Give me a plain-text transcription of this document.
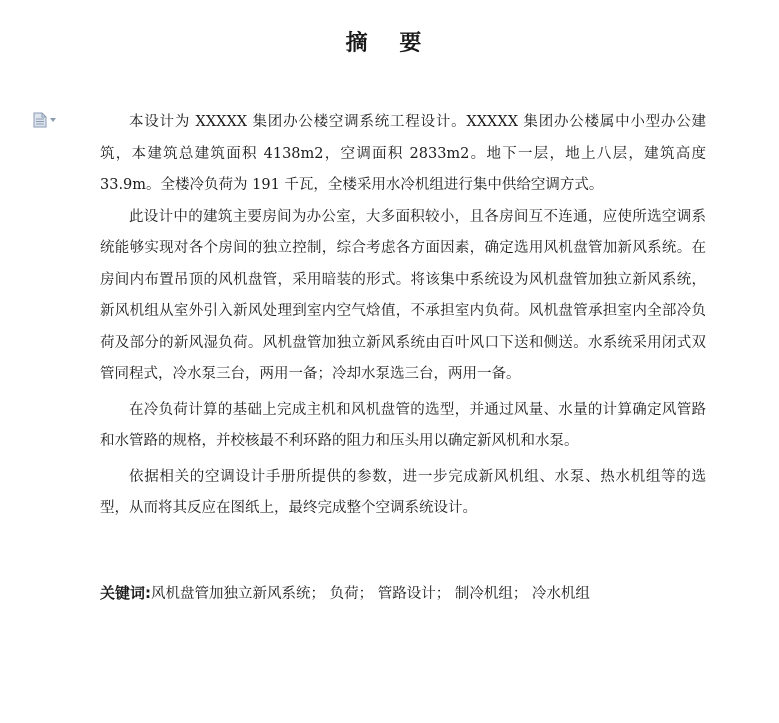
摘 要

本设计为 XXXXX 集团办公楼空调系统工程设计。XXXXX 集团办公楼属中小型办公建筑，本建筑总建筑面积 4138m2，空调面积 2833m2。地下一层，地上八层，建筑高度 33.9m。全楼冷负荷为 191 千瓦，全楼采用水冷机组进行集中供给空调方式。

此设计中的建筑主要房间为办公室，大多面积较小，且各房间互不连通，应使所选空调系统能够实现对各个房间的独立控制，综合考虑各方面因素，确定选用风机盘管加新风系统。在房间内布置吊顶的风机盘管，采用暗装的形式。将该集中系统设为风机盘管加独立新风系统，新风机组从室外引入新风处理到室内空气焓值，不承担室内负荷。风机盘管承担室内全部冷负荷及部分的新风湿负荷。风机盘管加独立新风系统由百叶风口下送和侧送。水系统采用闭式双管同程式，冷水泵三台，两用一备；冷却水泵选三台，两用一备。

在冷负荷计算的基础上完成主机和风机盘管的选型，并通过风量、水量的计算确定风管路和水管路的规格，并校核最不利环路的阻力和压头用以确定新风机和水泵。

依据相关的空调设计手册所提供的参数，进一步完成新风机组、水泵、热水机组等的选型，从而将其反应在图纸上，最终完成整个空调系统设计。

关键词:风机盘管加独立新风系统； 负荷； 管路设计； 制冷机组； 冷水机组
